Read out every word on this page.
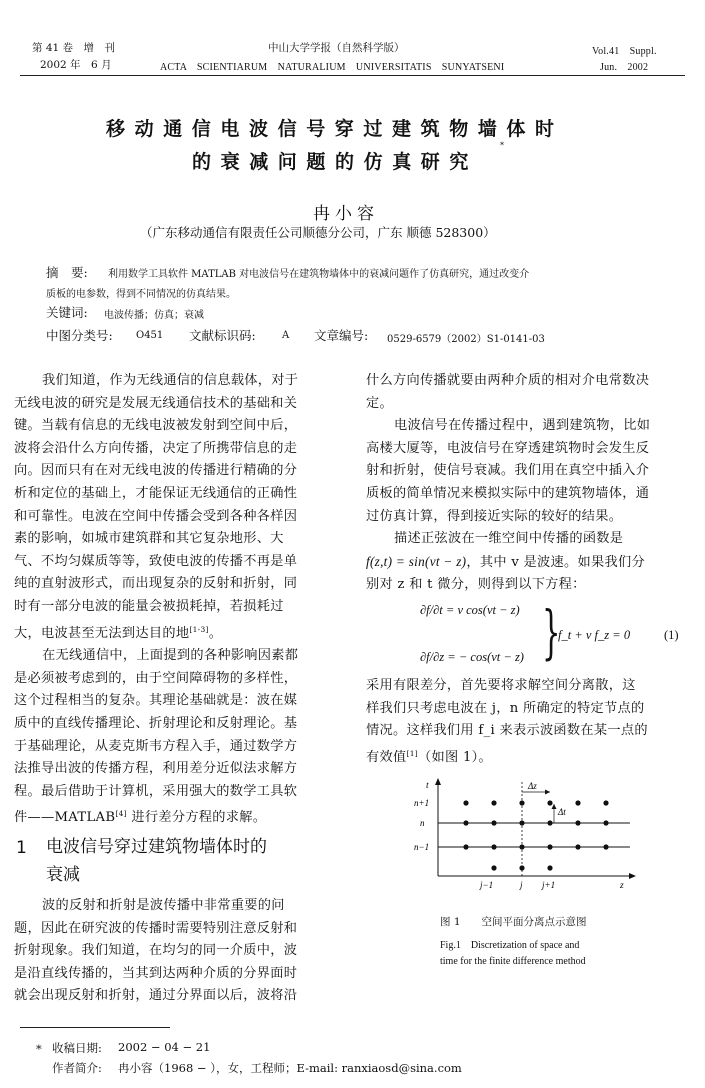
第 41 卷　增　刊
2002 年　6 月
中山大学学报（自然科学版）
ACTA　SCIENTIARUM　NATURALIUM　UNIVERSITATIS　SUNYATSENI
Vol.41　Suppl.
Jun.　2002
移动通信电波信号穿过建筑物墙体时
的衰减问题的仿真研究
*
冉小容
（广东移动通信有限责任公司顺德分公司，广东 顺德 528300）
摘　要: 利用数学工具软件 MATLAB 对电波信号在建筑物墙体中的衰减问题作了仿真研究，通过改变介
质板的电参数，得到不同情况的仿真结果。
关键词: 电波传播；仿真；衰减
中图分类号: O451 文献标识码:	A 文章编号: 0529-6579（2002）S1-0141-03

我们知道，作为无线通信的信息载体，对于

无线电波的研究是发展无线通信技术的基础和关

键。当载有信息的无线电波被发射到空间中后，

波将会沿什么方向传播，决定了所携带信息的走

向。因而只有在对无线电波的传播进行精确的分

析和定位的基础上，才能保证无线通信的正确性

和可靠性。电波在空间中传播会受到各种各样因

素的影响，如城市建筑群和其它复杂地形、大

气、不均匀媒质等等，致使电波的传播不再是单

纯的直射波形式，而出现复杂的反射和折射，同

时有一部分电波的能量会被损耗掉，若损耗过

大，电波甚至无法到达目的地[1-3]。

在无线通信中，上面提到的各种影响因素都

是必须被考虑到的，由于空间障碍物的多样性，

这个过程相当的复杂。其理论基础就是：波在媒

质中的直线传播理论、折射理论和反射理论。基

于基础理论，从麦克斯韦方程入手，通过数学方

法推导出波的传播方程，利用差分近似法求解方

程。最后借助于计算机，采用强大的数学工具软

件——MATLAB[4] 进行差分方程的求解。

1 电波信号穿过建筑物墙体时的
衰减

波的反射和折射是波传播中非常重要的问

题，因此在研究波的传播时需要特别注意反射和

折射现象。我们知道，在均匀的同一介质中，波

是沿直线传播的，当其到达两种介质的分界面时

就会出现反射和折射，通过分界面以后，波将沿

什么方向传播就要由两种介质的相对介电常数决

定。

电波信号在传播过程中，遇到建筑物，比如

高楼大厦等，电波信号在穿透建筑物时会发生反

射和折射，使信号衰减。我们用在真空中插入介

质板的简单情况来模拟实际中的建筑物墙体，通

过仿真计算，得到接近实际的较好的结果。

描述正弦波在一维空间中传播的函数是

f(z,t) = sin(vt − z)，其中 v 是波速。如果我们分

别对 z 和 t 微分，则得到以下方程：

∂f/∂t = v cos(vt − z)
∂f/∂z = − cos(vt − z) }
f_t + v f_z = 0	(1)

采用有限差分，首先要将求解空间分离散，这

样我们只考虑电波在 j，n 所确定的特定节点的

情况。这样我们用 f_i 来表示波函数在某一点的

有效值[1]（如图 1）。

Δz
Δt
t
z
n+1
n
n−1
j−1	j j+1
图 1　　空间平面分离点示意图
Fig.1　Discretization of space and
time for the finite difference method
* 收稿日期: 2002 − 04 − 21
作者简介: 冉小容（1968 − ），女，工程师；E-mail: ranxiaosd@sina.com
